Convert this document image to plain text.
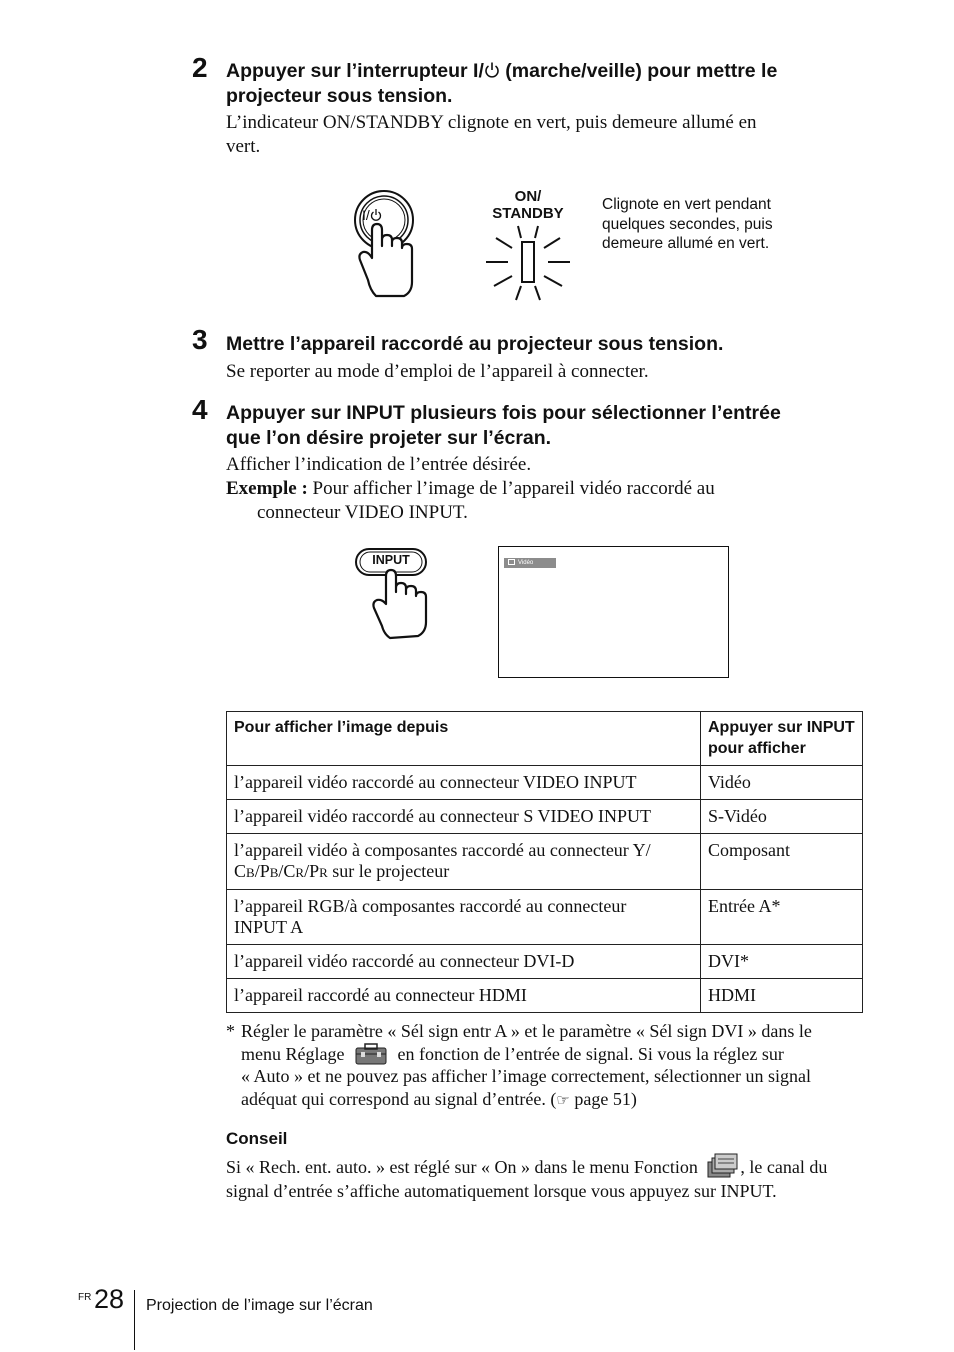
2 Appuyer sur l’interrupteur I/ (marche/veille) pour mettre le
projecteur sous tension.
L’indicateur ON/STANDBY clignote en vert, puis demeure allumé en
vert.
I/
ON/
STANDBY
Clignote en vert pendant
quelques secondes, puis
demeure allumé en vert.
3 Mettre l’appareil raccordé au projecteur sous tension.
Se reporter au mode d’emploi de l’appareil à connecter.
4 Appuyer sur INPUT plusieurs fois pour sélectionner l’entrée
que l’on désire projeter sur l’écran.
Afficher l’indication de l’entrée désirée.
Exemple : Pour afficher l’image de l’appareil vidéo raccordé au
connecteur VIDEO INPUT.
INPUT	Vidéo
Pour afficher l’image depuis	Appuyer sur INPUT
pour afficher

l’appareil vidéo raccordé au connecteur VIDEO INPUT	Vidéo
l’appareil vidéo raccordé au connecteur S VIDEO INPUT	S-Vidéo

l’appareil vidéo à composantes raccordé au connecteur Y/
CB/PB/CR/PR sur le projecteur	Composant

l’appareil RGB/à composantes raccordé au connecteur
INPUT A	Entrée A*
l’appareil vidéo raccordé au connecteur DVI-D	DVI*
l’appareil raccordé au connecteur HDMI	HDMI
* Régler le paramètre « Sél sign entr A » et le paramètre « Sél sign DVI » dans le
menu Réglage	en fonction de l’entrée de signal. Si vous la réglez sur
« Auto » et ne pouvez pas afficher l’image correctement, sélectionner un signal
adéquat qui correspond au signal d’entrée. (☞ page 51)
Conseil
Si « Rech. ent. auto. » est réglé sur « On » dans le menu Fonction , le canal du
signal d’entrée s’affiche automatiquement lorsque vous appuyez sur INPUT.
FR 28 Projection de l’image sur l’écran
